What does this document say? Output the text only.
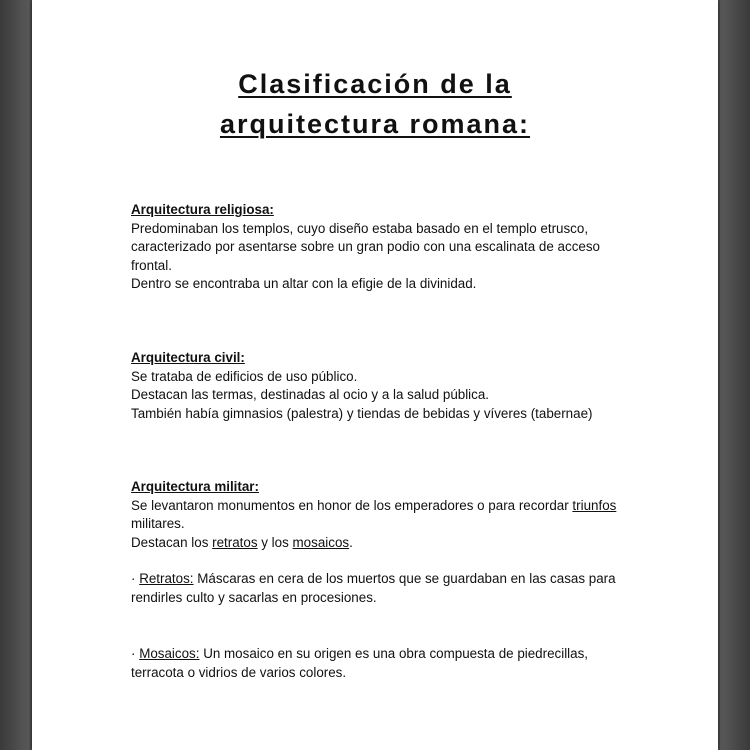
Clasificación de la
arquitectura romana:
Arquitectura religiosa:
Predominaban los templos, cuyo diseño estaba basado en el templo etrusco,
caracterizado por asentarse sobre un gran podio con una escalinata de acceso
frontal.
Dentro se encontraba un altar con la efigie de la divinidad.
Arquitectura civil:
Se trataba de edificios de uso público.
Destacan las termas, destinadas al ocio y a la salud pública.
También había gimnasios (palestra) y tiendas de bebidas y víveres (tabernae)
Arquitectura militar:
Se levantaron monumentos en honor de los emperadores o para recordar triunfos
militares.
Destacan los retratos y los mosaicos.
· Retratos: Máscaras en cera de los muertos que se guardaban en las casas para
rendirles culto y sacarlas en procesiones.
· Mosaicos: Un mosaico en su origen es una obra compuesta de piedrecillas,
terracota o vidrios de varios colores.
